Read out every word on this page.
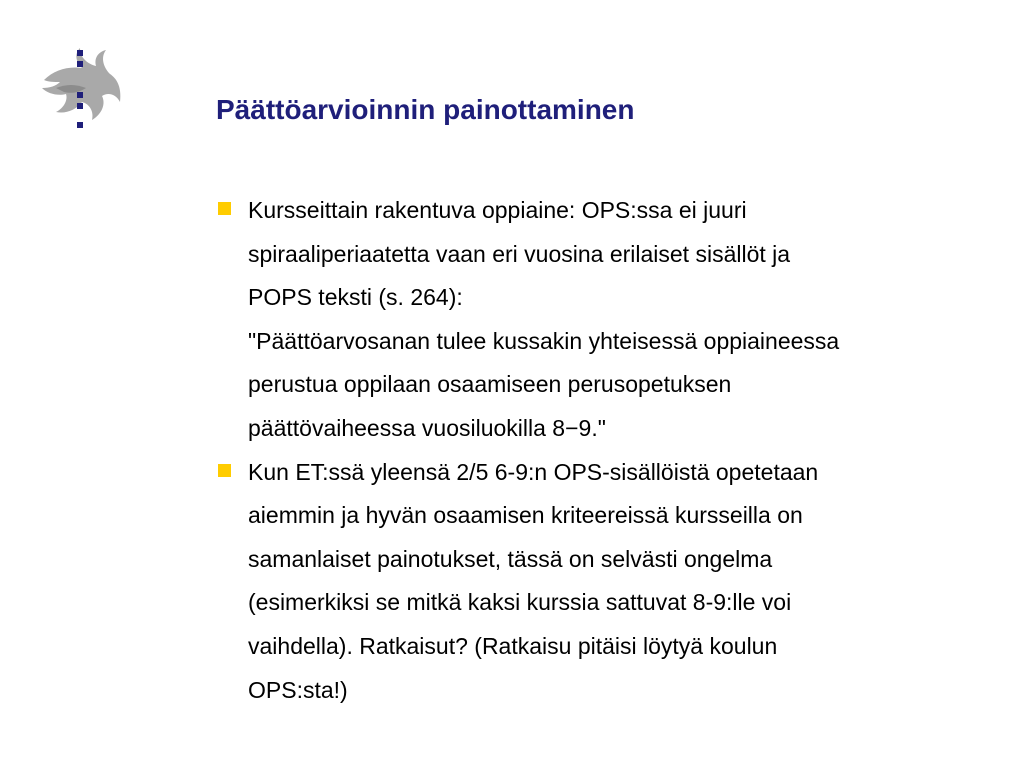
Päättöarvioinnin painottaminen
Kursseittain rakentuva oppiaine: OPS:ssa ei juuri
spiraaliperiaatetta vaan eri vuosina erilaiset sisällöt ja
POPS teksti (s. 264):
"Päättöarvosanan tulee kussakin yhteisessä oppiaineessa
perustua oppilaan osaamiseen perusopetuksen
päättövaiheessa vuosiluokilla 8−9."
Kun ET:ssä yleensä 2/5 6-9:n OPS-sisällöistä opetetaan
aiemmin ja hyvän osaamisen kriteereissä kursseilla on
samanlaiset painotukset, tässä on selvästi ongelma
(esimerkiksi se mitkä kaksi kurssia sattuvat 8-9:lle voi
vaihdella). Ratkaisut? (Ratkaisu pitäisi löytyä koulun
OPS:sta!)
